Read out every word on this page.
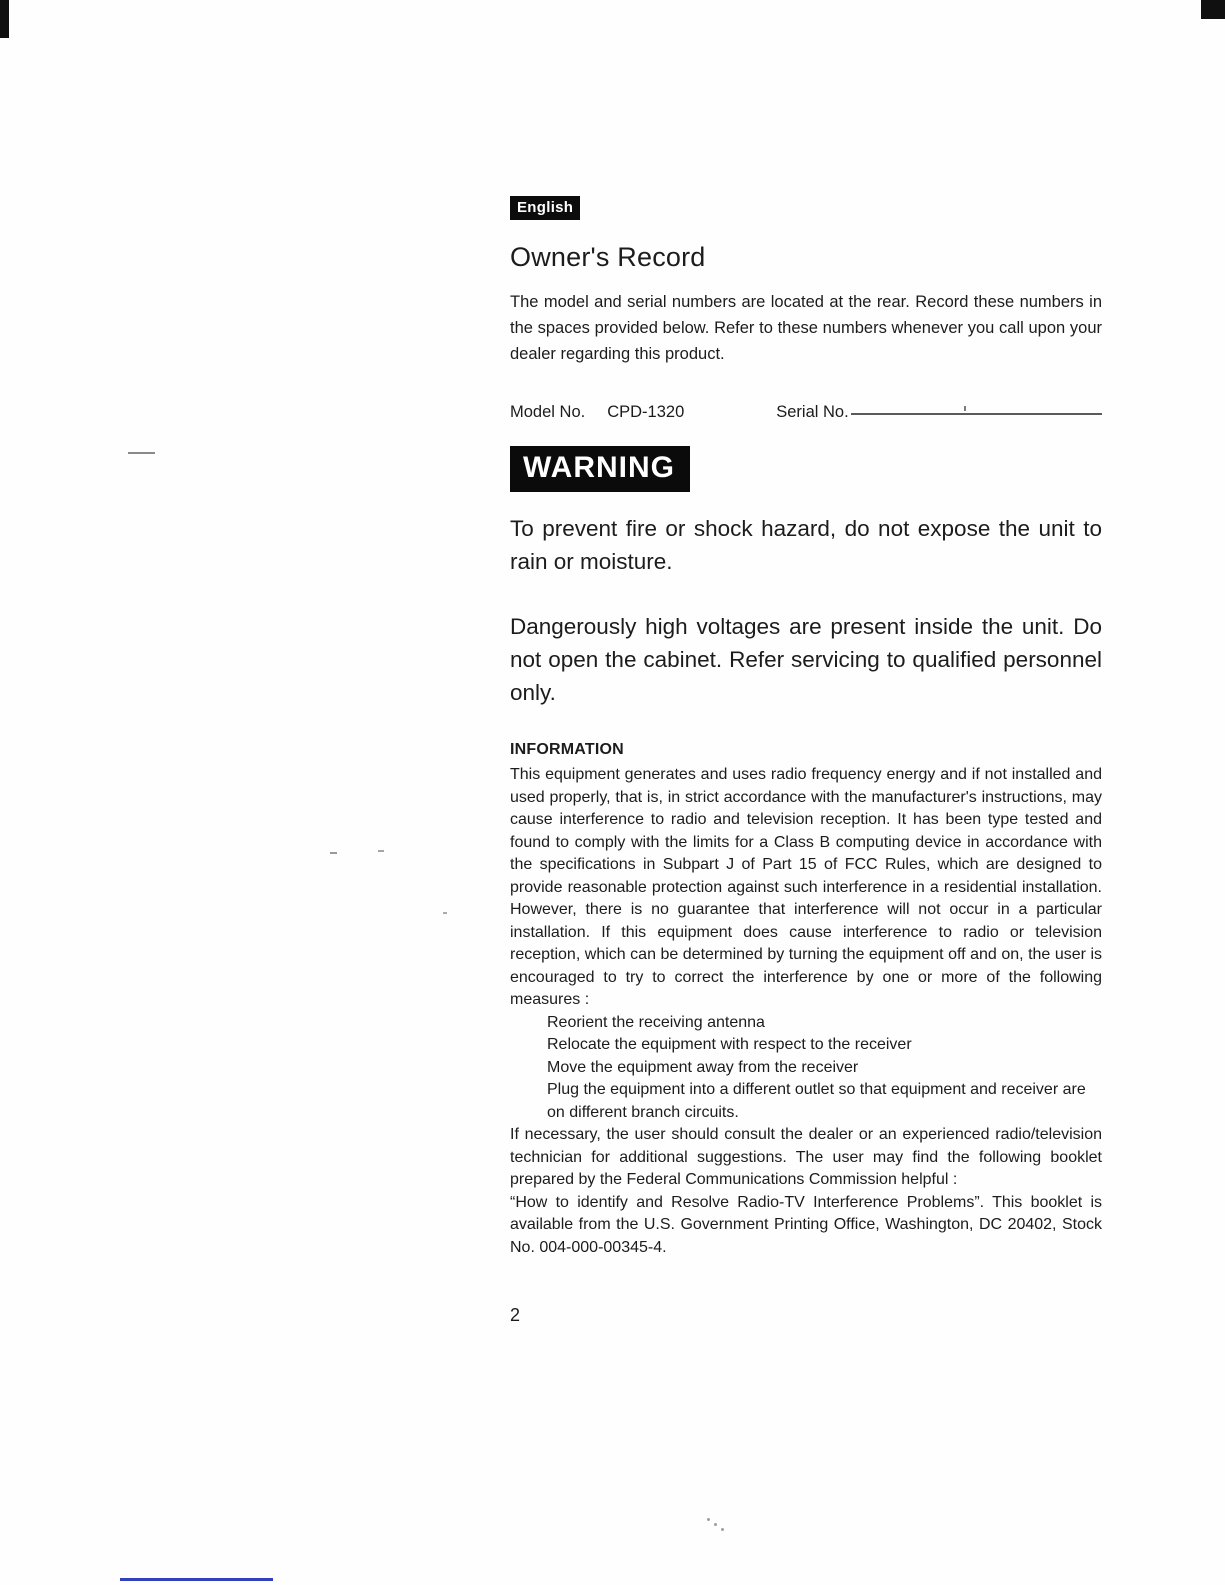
English
Owner's Record

The model and serial numbers are located at the rear. Record these numbers in the spaces provided below. Refer to these numbers whenever you call upon your dealer regarding this product.

Model No. CPD-1320	Serial No.
WARNING

To prevent fire or shock hazard, do not expose the unit to rain or moisture.

Dangerously high voltages are present inside the unit. Do not open the cabinet. Refer servicing to qualified personnel only.

INFORMATION

This equipment generates and uses radio frequency energy and if not installed and used properly, that is, in strict accordance with the manufacturer's instructions, may cause interference to radio and television reception. It has been type tested and found to comply with the limits for a Class B computing device in accordance with the specifications in Subpart J of Part 15 of FCC Rules, which are designed to provide reasonable protection against such interference in a residential installation. However, there is no guarantee that interference will not occur in a particular installation. If this equipment does cause interference to radio or television reception, which can be determined by turning the equipment off and on, the user is encouraged to try to correct the interference by one or more of the following measures :

Reorient the receiving antenna
Relocate the equipment with respect to the receiver
Move the equipment away from the receiver
Plug the equipment into a different outlet so that equipment and receiver are on different branch circuits.

If necessary, the user should consult the dealer or an experienced radio/television technician for additional suggestions. The user may find the following booklet prepared by the Federal Communications Commission helpful :

“How to identify and Resolve Radio-TV Interference Problems”. This booklet is available from the U.S. Government Printing Office, Washington, DC 20402, Stock No. 004-000-00345-4.

2
